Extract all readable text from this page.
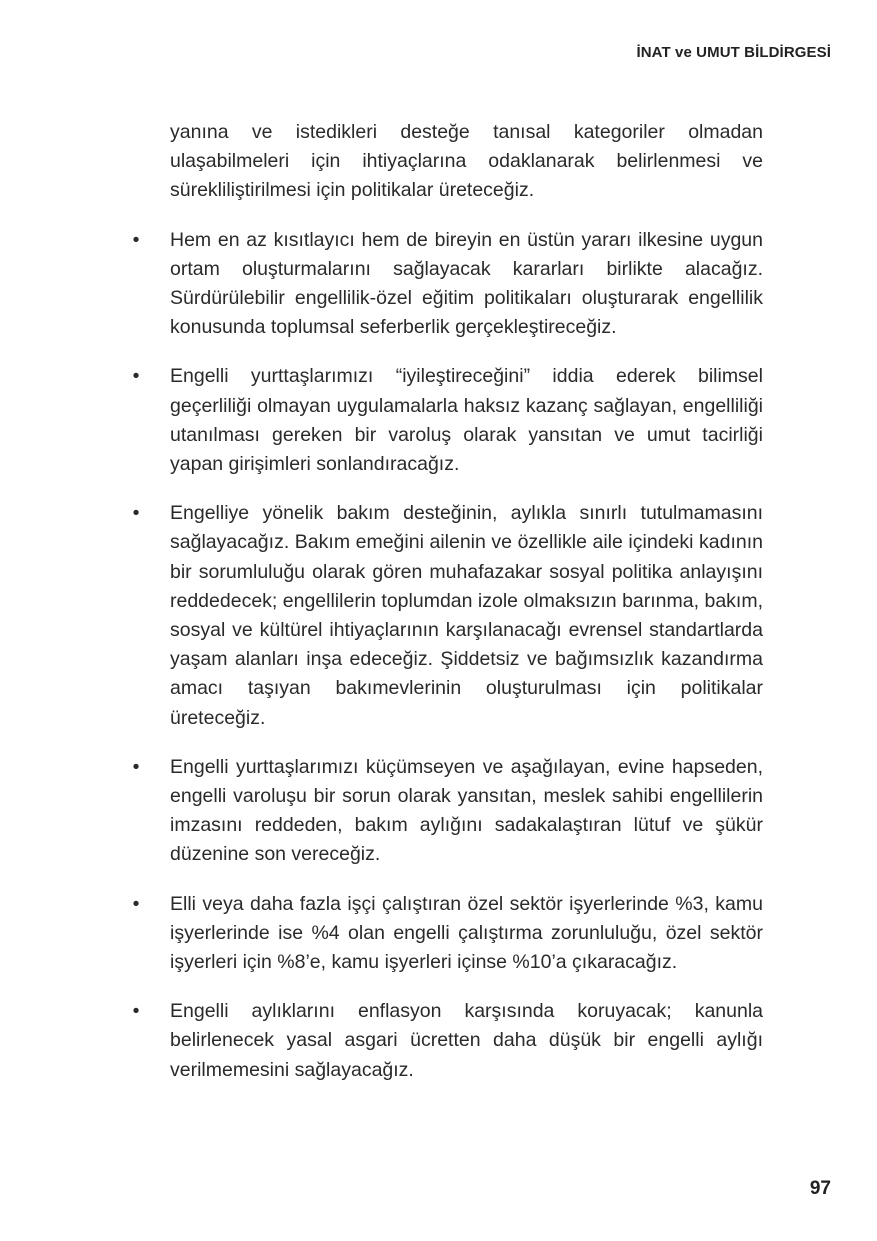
İNAT ve UMUT BİLDİRGESİ

yanına ve istedikleri desteğe tanısal kategoriler olmadan ulaşabilmeleri için ihtiyaçlarına odaklanarak belirlenmesi ve sürekliliştirilmesi için politikalar üreteceğiz.

• Hem en az kısıtlayıcı hem de bireyin en üstün yararı ilkesine uygun ortam oluşturmalarını sağlayacak kararları birlikte alacağız. Sürdürülebilir engellilik-özel eğitim politikaları oluşturarak engellilik konusunda toplumsal seferberlik gerçekleştireceğiz.
• Engelli yurttaşlarımızı “iyileştireceğini” iddia ederek bilimsel geçerliliği olmayan uygulamalarla haksız kazanç sağlayan, engelliliği utanılması gereken bir varoluş olarak yansıtan ve umut tacirliği yapan girişimleri sonlandıracağız.
• Engelliye yönelik bakım desteğinin, aylıkla sınırlı tutulmamasını sağlayacağız. Bakım emeğini ailenin ve özellikle aile içindeki kadının bir sorumluluğu olarak gören muhafazakar sosyal politika anlayışını reddedecek; engellilerin toplumdan izole olmaksızın barınma, bakım, sosyal ve kültürel ihtiyaçlarının karşılanacağı evrensel standartlarda yaşam alanları inşa edeceğiz. Şiddetsiz ve bağımsızlık kazandırma amacı taşıyan bakımevlerinin oluşturulması için politikalar üreteceğiz.
• Engelli yurttaşlarımızı küçümseyen ve aşağılayan, evine hapseden, engelli varoluşu bir sorun olarak yansıtan, meslek sahibi engellilerin imzasını reddeden, bakım aylığını sadakalaştıran lütuf ve şükür düzenine son vereceğiz.
• Elli veya daha fazla işçi çalıştıran özel sektör işyerlerinde %3, kamu işyerlerinde ise %4 olan engelli çalıştırma zorunluluğu, özel sektör işyerleri için %8’e, kamu işyerleri içinse %10’a çıkaracağız.
• Engelli aylıklarını enflasyon karşısında koruyacak; kanunla belirlenecek yasal asgari ücretten daha düşük bir engelli aylığı verilmemesini sağlayacağız.
97
